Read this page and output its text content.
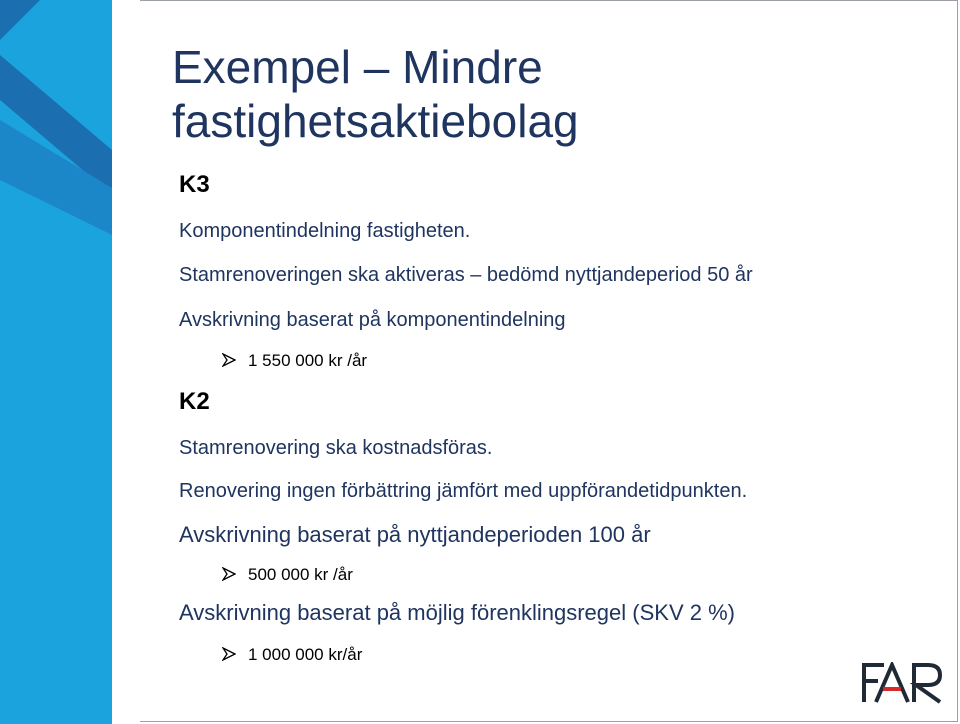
Exempel – Mindre
fastighetsaktiebolag
K3
Komponentindelning fastigheten.
Stamrenoveringen ska aktiveras – bedömd nyttjandeperiod 50 år
Avskrivning baserat på komponentindelning
1 550 000 kr /år
K2
Stamrenovering ska kostnadsföras.
Renovering ingen förbättring jämfört med uppförandetidpunkten.
Avskrivning baserat på nyttjandeperioden 100 år
500 000 kr /år
Avskrivning baserat på möjlig förenklingsregel (SKV 2 %)
1 000 000 kr/år
